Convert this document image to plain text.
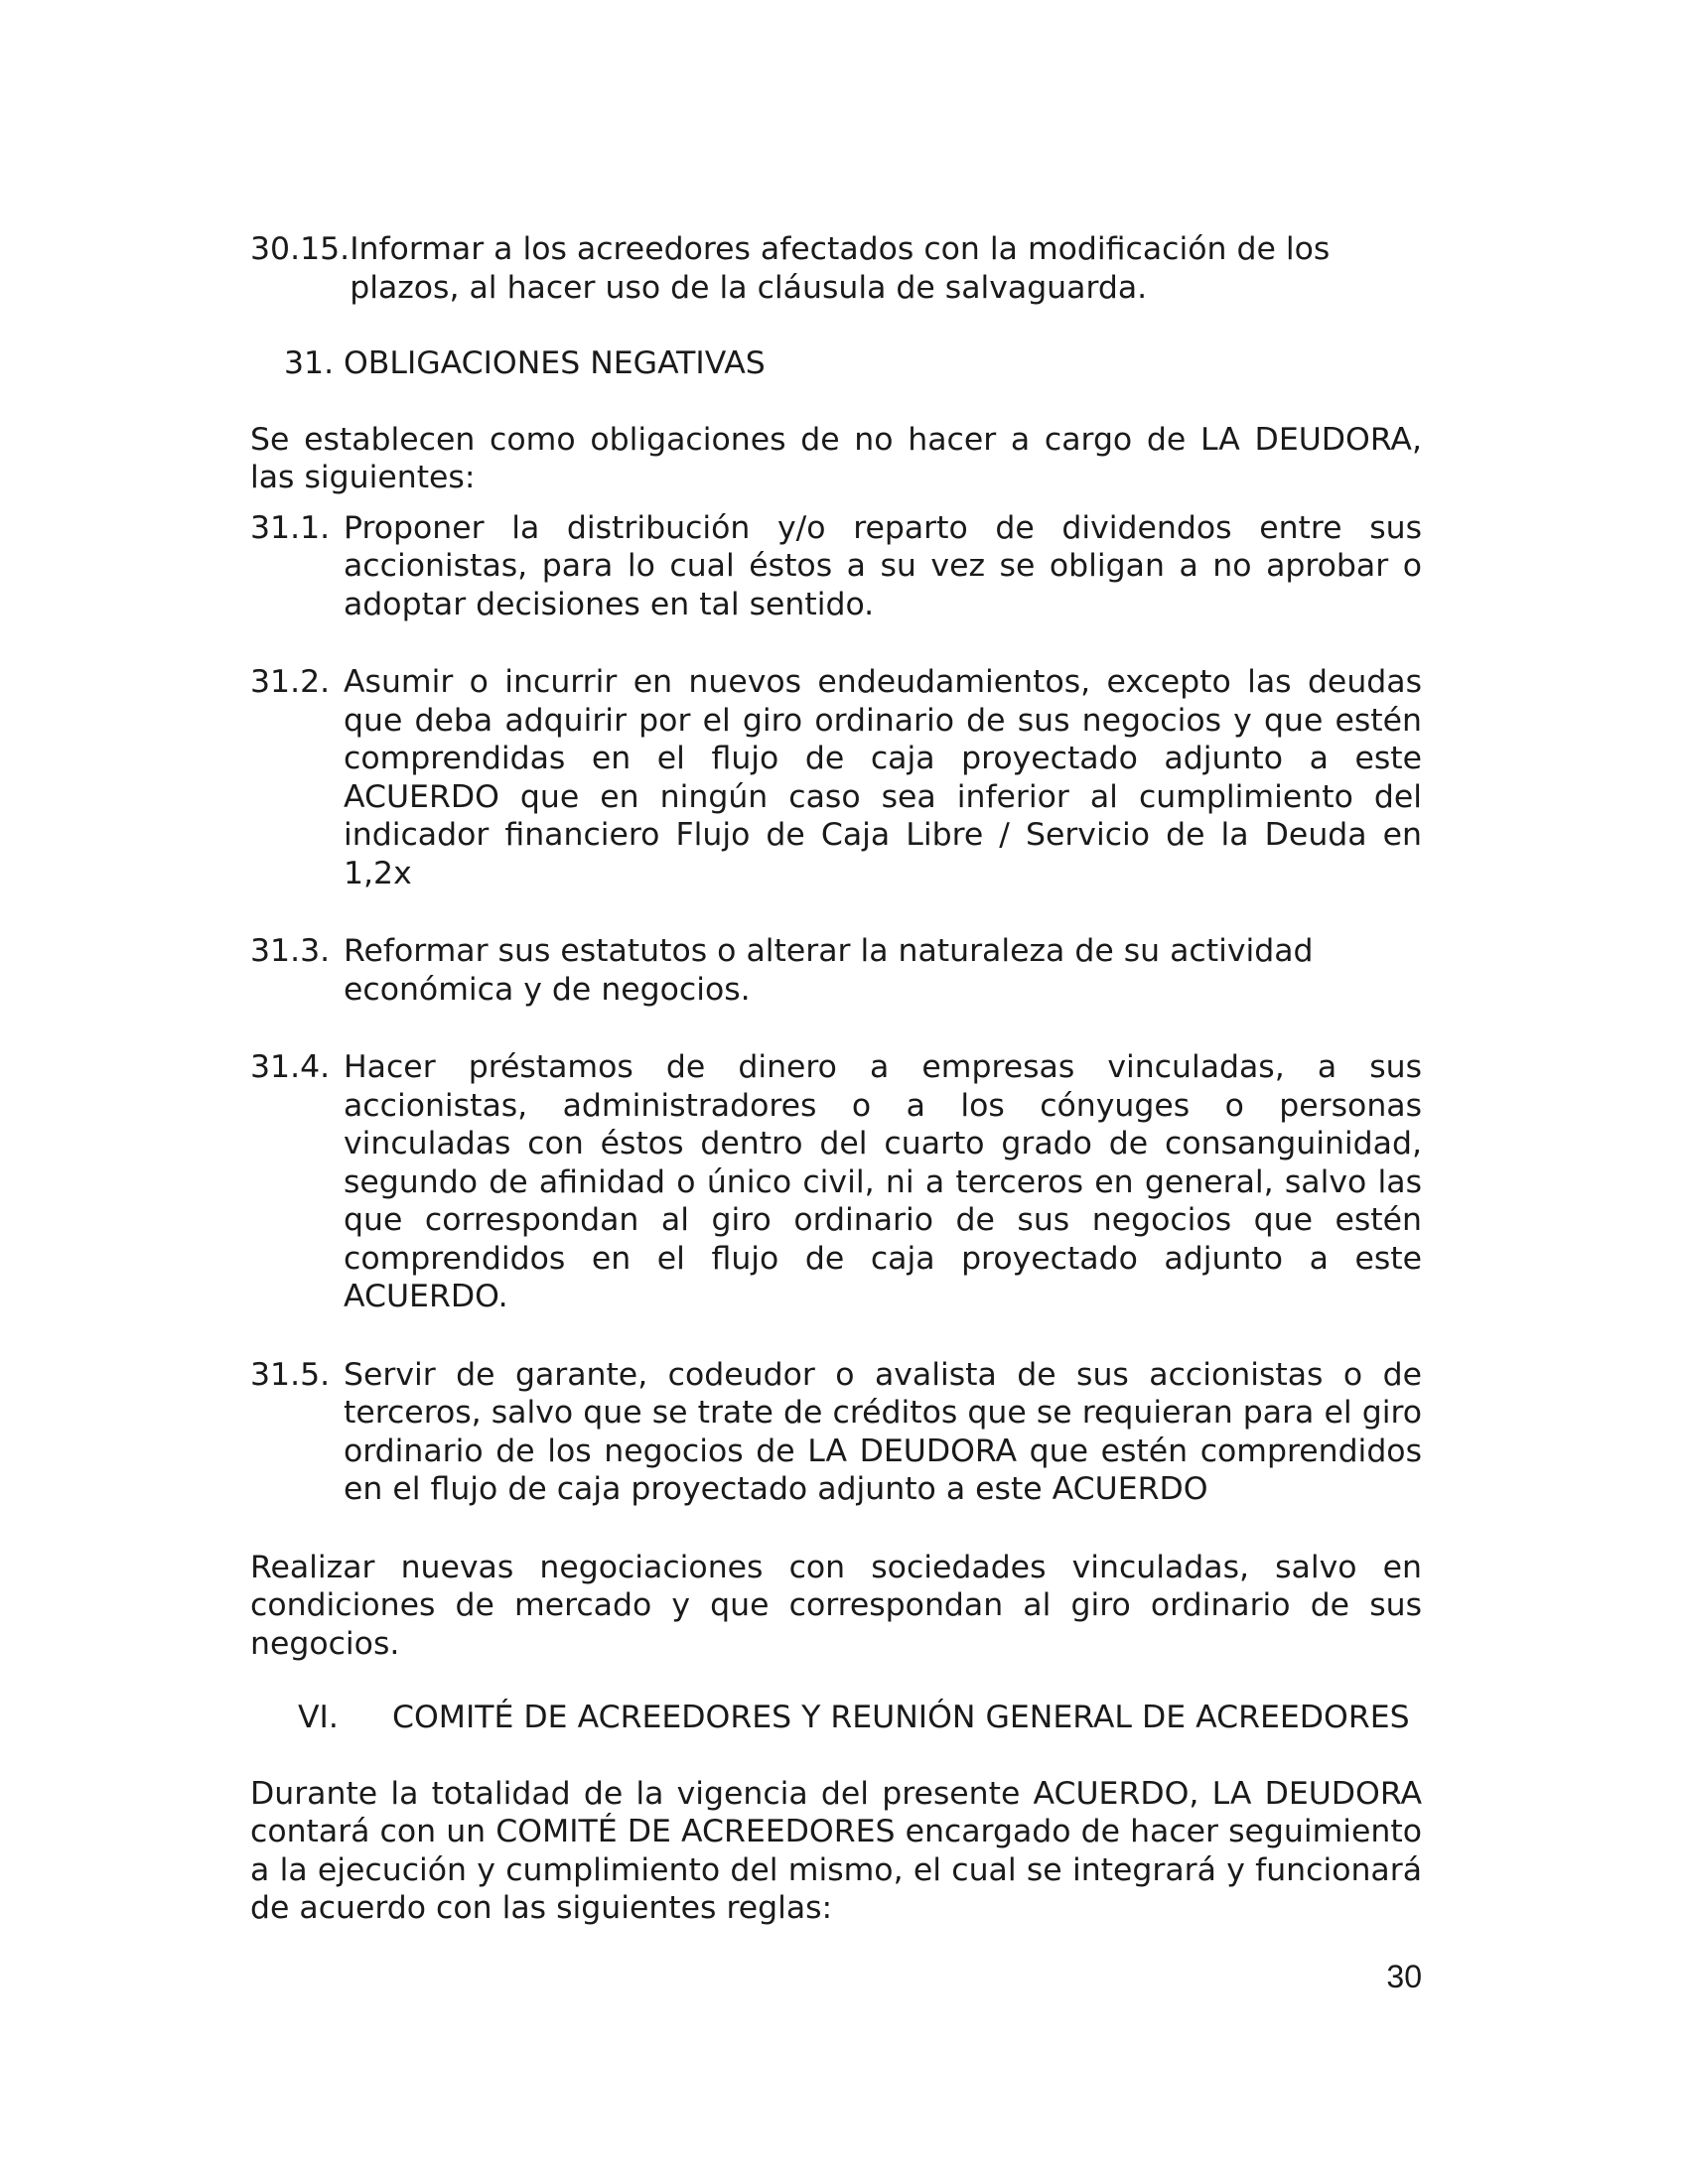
30.15. Informar a los acreedores afectados con la modificación de los plazos, al hacer uso de la cláusula de salvaguarda.
31. OBLIGACIONES NEGATIVAS

Se establecen como obligaciones de no hacer a cargo de LA DEUDORA, las siguientes:

31.1. Proponer la distribución y/o reparto de dividendos entre sus accionistas, para lo cual éstos a su vez se obligan a no aprobar o adoptar decisiones en tal sentido.
31.2. Asumir o incurrir en nuevos endeudamientos, excepto las deudas que deba adquirir por el giro ordinario de sus negocios y que estén comprendidas en el flujo de caja proyectado adjunto a este ACUERDO que en ningún caso sea inferior al cumplimiento del indicador financiero Flujo de Caja Libre / Servicio de la Deuda en 1,2x
31.3. Reformar sus estatutos o alterar la naturaleza de su actividad económica y de negocios.
31.4. Hacer préstamos de dinero a empresas vinculadas, a sus accionistas, administradores o a los cónyuges o personas vinculadas con éstos dentro del cuarto grado de consanguinidad, segundo de afinidad o único civil, ni a terceros en general, salvo las que correspondan al giro ordinario de sus negocios que estén comprendidos en el flujo de caja proyectado adjunto a este ACUERDO.
31.5. Servir de garante, codeudor o avalista de sus accionistas o de terceros, salvo que se trate de créditos que se requieran para el giro ordinario de los negocios de LA DEUDORA que estén comprendidos en el flujo de caja proyectado adjunto a este ACUERDO

Realizar nuevas negociaciones con sociedades vinculadas, salvo en condiciones de mercado y que correspondan al giro ordinario de sus negocios.

VI.	COMITÉ DE ACREEDORES Y REUNIÓN GENERAL DE ACREEDORES

Durante la totalidad de la vigencia del presente ACUERDO, LA DEUDORA contará con un COMITÉ DE ACREEDORES encargado de hacer seguimiento a la ejecución y cumplimiento del mismo, el cual se integrará y funcionará de acuerdo con las siguientes reglas:

30
